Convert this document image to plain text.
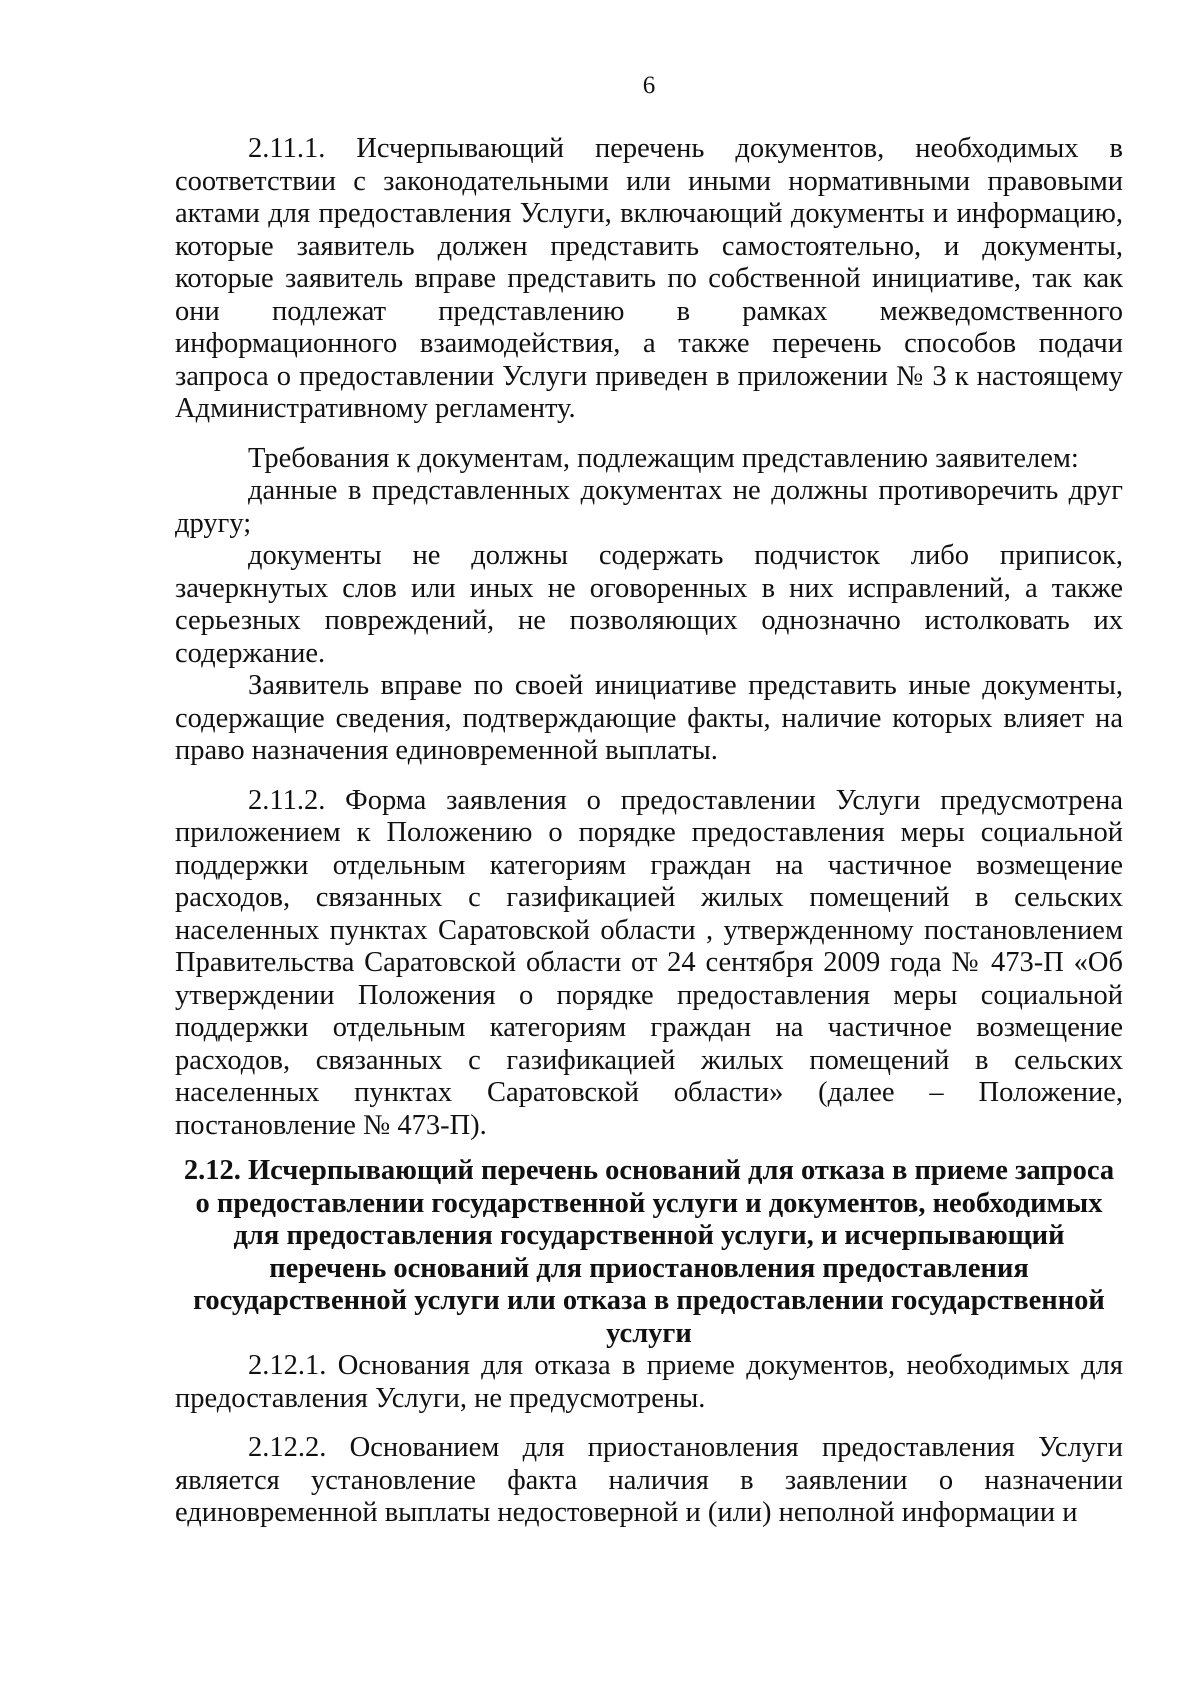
6

2.11.1. Исчерпывающий перечень документов, необходимых в соответствии с законодательными или иными нормативными правовыми актами для предоставления Услуги, включающий документы и информацию, которые заявитель должен представить самостоятельно, и документы, которые заявитель вправе представить по собственной инициативе, так как они подлежат представлению в рамках межведомственного информационного взаимодействия, а также перечень способов подачи запроса о предоставлении Услуги приведен в приложении № 3 к настоящему Административному регламенту.

Требования к документам, подлежащим представлению заявителем:

данные в представленных документах не должны противоречить друг другу;

документы не должны содержать подчисток либо приписок, зачеркнутых слов или иных не оговоренных в них исправлений, а также серьезных повреждений, не позволяющих однозначно истолковать их содержание.

Заявитель вправе по своей инициативе представить иные документы, содержащие сведения, подтверждающие факты, наличие которых влияет на право назначения единовременной выплаты.

2.11.2. Форма заявления о предоставлении Услуги предусмотрена приложением к Положению о порядке предоставления меры социальной поддержки отдельным категориям граждан на частичное возмещение расходов, связанных с газификацией жилых помещений в сельских населенных пунктах Саратовской области , утвержденному постановлением Правительства Саратовской области от 24 сентября 2009 года № 473-П «Об утверждении Положения о порядке предоставления меры социальной поддержки отдельным категориям граждан на частичное возмещение расходов, связанных с газификацией жилых помещений в сельских населенных пунктах Саратовской области» (далее – Положение, постановление № 473-П).

2.12. Исчерпывающий перечень оснований для отказа в приеме запроса о предоставлении государственной услуги и документов, необходимых для предоставления государственной услуги, и исчерпывающий перечень оснований для приостановления предоставления государственной услуги или отказа в предоставлении государственной услуги

2.12.1. Основания для отказа в приеме документов, необходимых для предоставления Услуги, не предусмотрены.

2.12.2. Основанием для приостановления предоставления Услуги является установление факта наличия в заявлении о назначении единовременной выплаты недостоверной и (или) неполной информации и
